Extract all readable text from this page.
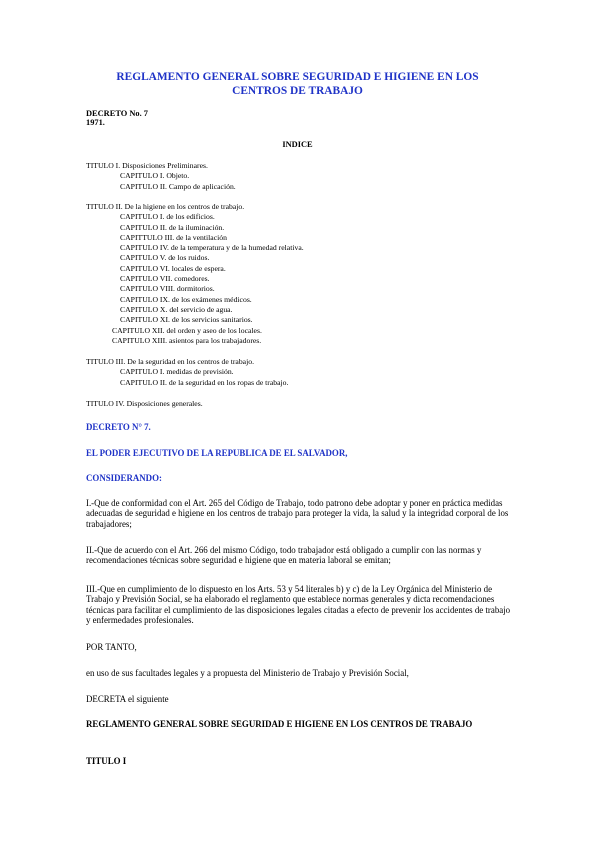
REGLAMENTO GENERAL SOBRE SEGURIDAD E HIGIENE EN LOS
CENTROS DE TRABAJO
DECRETO No. 7
1971.
INDICE
TITULO I. Disposiciones Preliminares.
CAPITULO I. Objeto.
CAPITULO II. Campo de aplicación.
TITULO II. De la higiene en los centros de trabajo.
CAPITULO I. de los edificios.
CAPITULO II. de la iluminación.
CAPITTULO III. de la ventilación
CAPITULO IV. de la temperatura y de la humedad relativa.
CAPITULO V. de los ruidos.
CAPITULO VI. locales de espera.
CAPITULO VII. comedores.
CAPITULO VIII. dormitorios.
CAPITULO IX. de los exámenes médicos.
CAPITULO X. del servicio de agua.
CAPITULO XI. de los servicios sanitarios.
CAPITULO XII. del orden y aseo de los locales.
CAPITULO XIII. asientos para los trabajadores.
TITULO III. De la seguridad en los centros de trabajo.
CAPITULO I. medidas de previsión.
CAPITULO II. de la seguridad en los ropas de trabajo.
TITULO IV. Disposiciones generales.
DECRETO N° 7.
EL PODER EJECUTIVO DE LA REPUBLICA DE EL SALVADOR,
CONSIDERANDO:
I.-Que de conformidad con el Art. 265 del Código de Trabajo, todo patrono debe adoptar y poner en práctica medidas adecuadas de seguridad e higiene en los centros de trabajo para proteger la vida, la salud y la integridad corporal de los trabajadores;
II.-Que de acuerdo con el Art. 266 del mismo Código, todo trabajador está obligado a cumplir con las normas y recomendaciones técnicas sobre seguridad e higiene que en materia laboral se emitan;
III.-Que en cumplimiento de lo dispuesto en los Arts. 53 y 54 literales b) y c) de la Ley Orgánica del Ministerio de Trabajo y Previsión Social, se ha elaborado el reglamento que establece normas generales y dicta recomendaciones técnicas para facilitar el cumplimiento de las disposiciones legales citadas a efecto de prevenir los accidentes de trabajo y enfermedades profesionales.
POR TANTO,
en uso de sus facultades legales y a propuesta del Ministerio de Trabajo y Previsión Social,
DECRETA el siguiente
REGLAMENTO GENERAL SOBRE SEGURIDAD E HIGIENE EN LOS CENTROS DE TRABAJO
TITULO I
